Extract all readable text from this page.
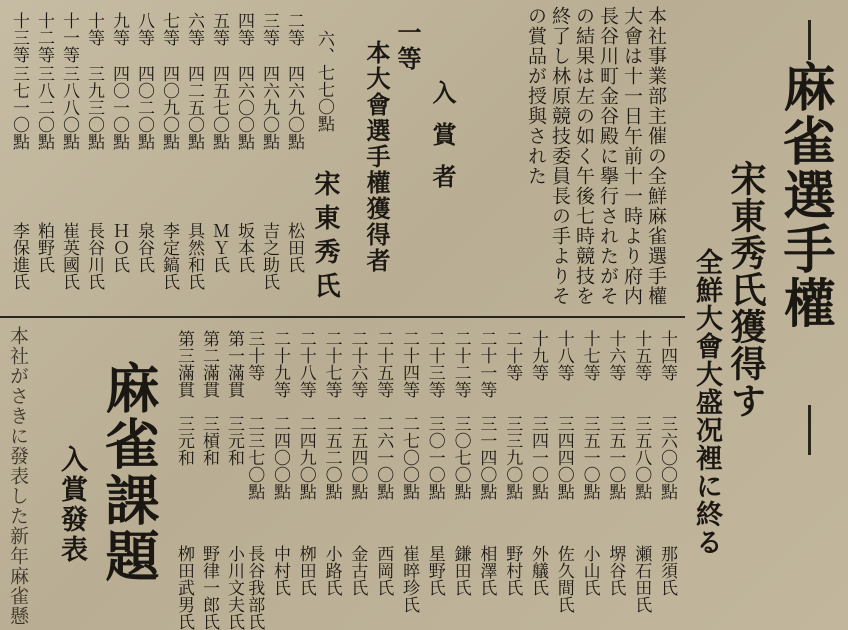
麻雀選手權
宋東秀氏獲得す
全鮮大會大盛况裡に終る
本社事業部主催の全鮮麻雀選手權
大會は十一日午前十一時より府内
長谷川町金谷殿に擧行されたがそ
の結果は左の如く午後七時競技を
終了し林原競技委員長の手よりそ
の賞品が授與された
入賞者
一等
本大會選手權獲得者
六、七七〇點
宋東秀氏
二等
四六九〇點
松田氏
三等
四六九〇點
吉之助氏
四等
四六〇〇點
坂本氏
五等
四五七〇點
ＭＹ氏
六等
四二五〇點
具然和氏
七等
四〇九〇點
李定鎬氏
八等
四〇二〇點
泉谷氏
九等
四〇一〇點
ＨＯ氏
十等
三九三〇點
長谷川氏
十一等
三八八〇點
崔英國氏
十二等
三八二〇點
粕野氏
十三等
三七一〇點
李保進氏
十四等
三六〇〇點
那須氏
十五等
三五八〇點
瀬石田氏
十六等
三五一〇點
堺谷氏
十七等
三五一〇點
小山氏
十八等
三四四〇點
佐久間氏
十九等
三四一〇點
外艤氏
二十等
三三九〇點
野村氏
二十一等
三一四〇點
相澤氏
二十二等
三〇七〇點
鎌田氏
二十三等
三〇一〇點
星野氏
二十四等
二七〇〇點
崔晬珍氏
二十五等
二六一〇點
西岡氏
二十六等
二五四〇點
金古氏
二十七等
二五二〇點
小路氏
二十八等
二四九〇點
栁田氏
二十九等
二四〇〇點
中村氏
三十等
二三七〇點
長谷我部氏
第一滿貫
三元和
小川文夫氏
第二滿貫
三槓和
野律一郎氏
第三滿貫
三元和
栁田武男氏
麻雀課題
入賞發表
本社がさきに發表した新年麻雀懸
